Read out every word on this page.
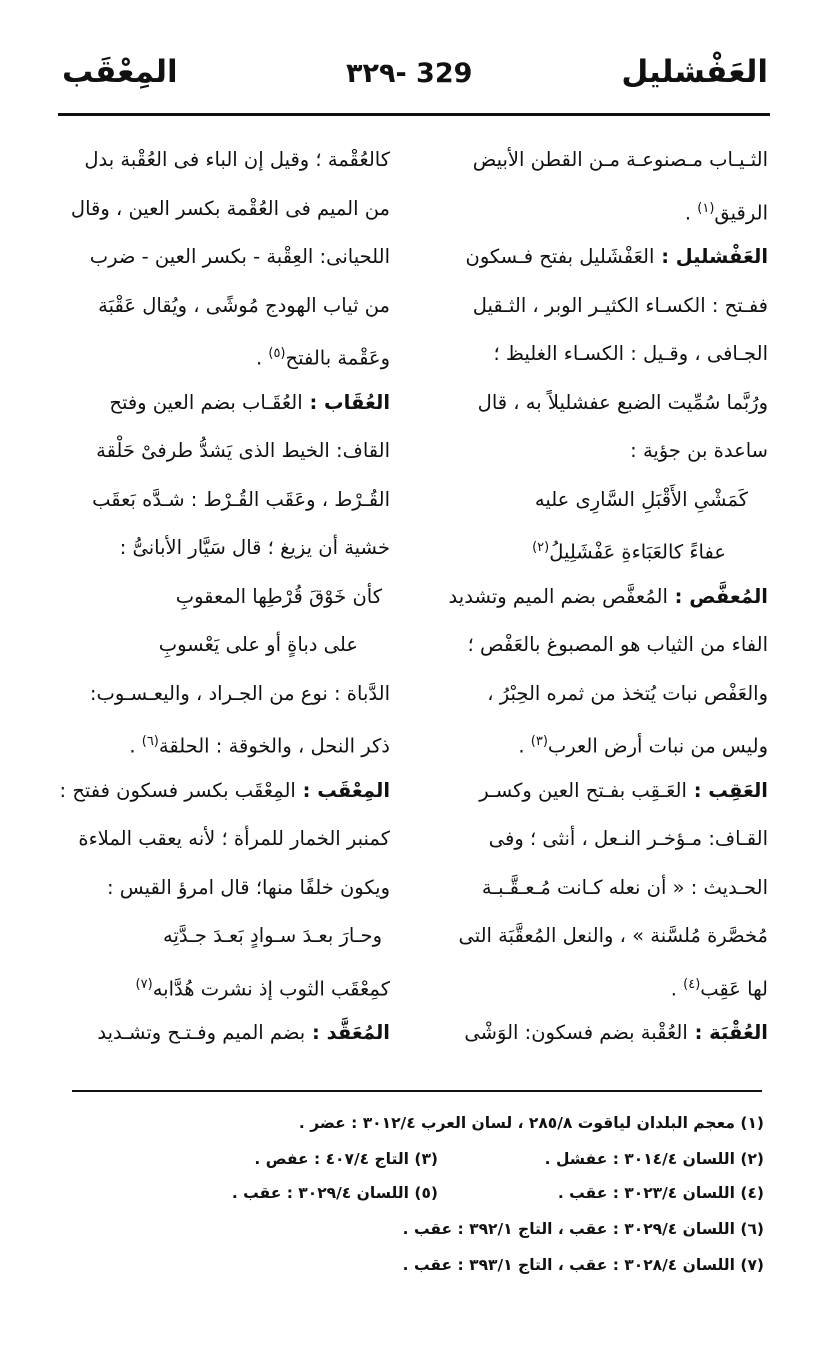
العَفْشليل
٣٢٩- 329
المِعْقَب
الثـيـاب مـصنوعـة مـن القطن الأبيض
الرقيق$^{(١)}$ .
العَفْشليل : العَفْشَليل بفتح فـسكون
ففـتح : الكسـاء الكثيـر الوبر ، الثـقيل
الجـافى ، وقـيل : الكسـاء الغليظ ؛
ورُبَّما سُمِّيت الضبع عفشليلاً به ، قال
ساعدة بن جؤية :
كَمَشْىِ الأَقْبَلِ السَّارِى عليه
عفاءً كالعَبَاءةِ عَفْشَلِيلُ$^{(٢)}$
المُعفَّص : المُعفَّص بضم الميم وتشديد
الفاء من الثياب هو المصبوغ بالعَفْص ؛
والعَفْص نبات يُتخذ من ثمره الحِبْرُ ،
وليس من نبات أرض العرب$^{(٣)}$ .
العَقِب : العَـقِب بفـتح العين وكسـر
القـاف: مـؤخـر النـعل ، أنثى ؛ وفى
الحـديث : « أن نعله كـانت مُـعـقَّـبـة
مُخصَّرة مُلسَّنة » ، والنعل المُعقَّبَة التى
لها عَقِب$^{(٤)}$ .
العُقْبَة : العُقْبة بضم فسكون: الوَشْى
كالعُقْمة ؛ وقيل إن الباء فى العُقْبة بدل
من الميم فى العُقْمة بكسر العين ، وقال
اللحيانى: العِقْبة - بكسر العين - ضرب
من ثياب الهودج مُوشًى ، ويُقال عَقْبَة
وعَقْمة بالفتح$^{(٥)}$ .
العُقَاب : العُقَـاب بضم العين وفتح
القاف: الخيط الذى يَشدُّ طرفىْ حَلْقة
القُـرْط ، وعَقَب القُـرْط : شـدَّه بَعقَب
خشية أن يزيغ ؛ قال سَيَّار الأبانىُّ :
كأن خَوْقَ قُرْطِها المعقوبِ
على دباةٍ أو على يَعْسوبِ
الدَّباة : نوع من الجـراد ، واليعـسـوب:
ذكر النحل ، والخوقة : الحلقة$^{(٦)}$ .
المِعْقَب : المِعْقَب بكسر فسكون ففتح :
كمنبر الخمار للمرأة ؛ لأنه يعقب الملاءة
ويكون خلفًا منها؛ قال امرؤ القيس :
وحـارَ بعـدَ سـوادٍ بَعـدَ جـدَّتِه
كمِعْقَب الثوب إذ نشرت هُدَّابه$^{(٧)}$
المُعَقَّد : بضم الميم وفـتـح وتشـديد
(١) معجم البلدان لياقوت ٢٨٥/٨ ، لسان العرب ٣٠١٢/٤ : عضر .
(٢) اللسان ٣٠١٤/٤ : عفشل .
(٣) التاج ٤٠٧/٤ : عفص .
(٤) اللسان ٣٠٢٣/٤ : عقب .
(٥) اللسان ٣٠٢٩/٤ : عقب .
(٦) اللسان ٣٠٢٩/٤ : عقب ، التاج ٣٩٢/١ : عقب .
(٧) اللسان ٣٠٢٨/٤ : عقب ، التاج ٣٩٣/١ : عقب .
